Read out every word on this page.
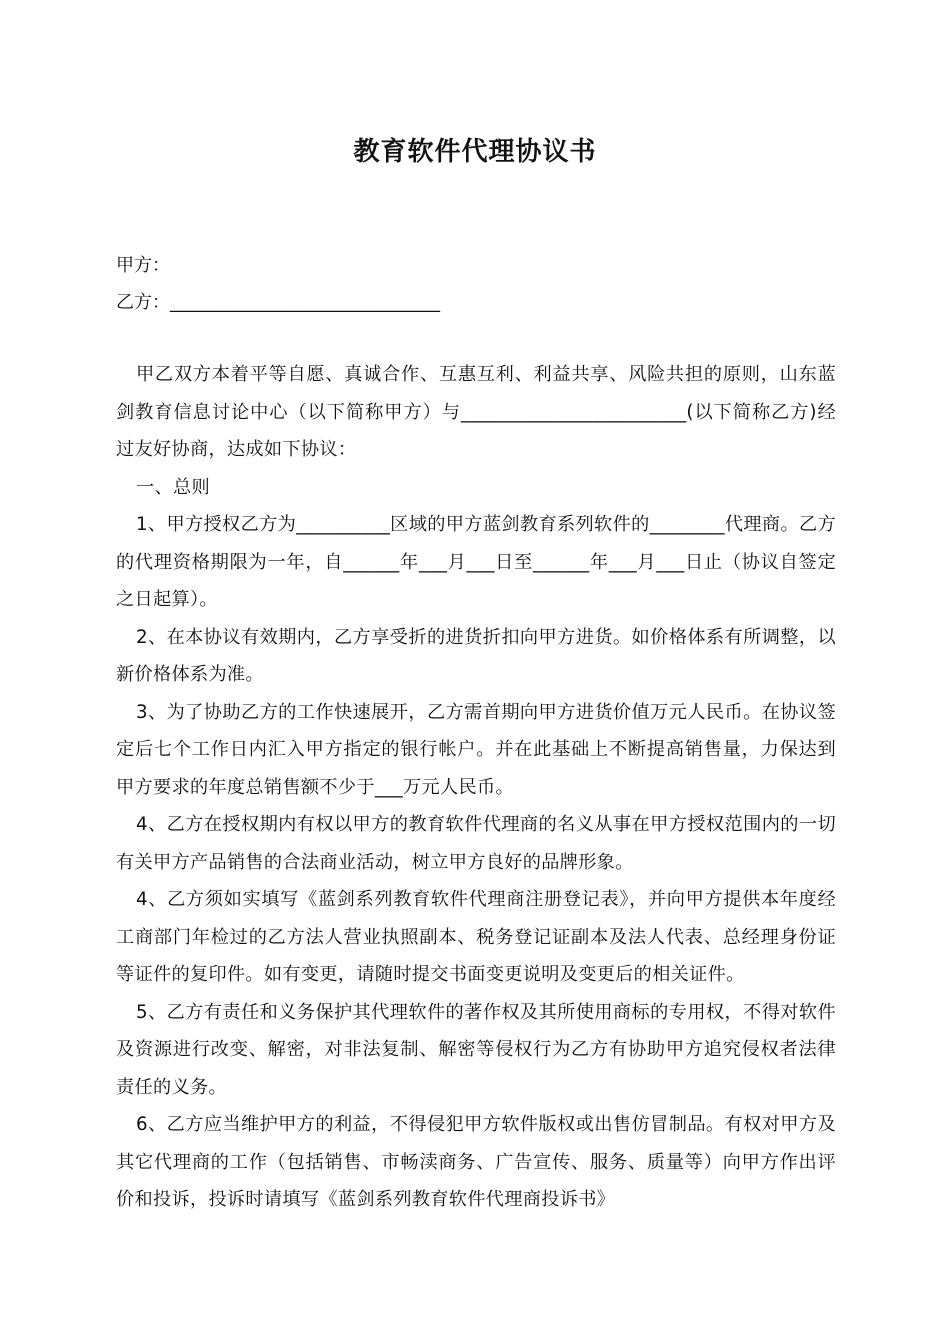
教育软件代理协议书
甲方：
乙方：______________________________

甲乙双方本着平等自愿、真诚合作、互惠互利、利益共享、风险共担的原则，山东蓝剑教育信息讨论中心（以下简称甲方）与________________________(以下简称乙方)经过友好协商，达成如下协议：

一、总则

1、甲方授权乙方为__________区域的甲方蓝剑教育系列软件的________代理商。乙方的代理资格期限为一年，自______年___月___日至______年___月___日止（协议自签定之日起算）。

2、在本协议有效期内，乙方享受折的进货折扣向甲方进货。如价格体系有所调整，以新价格体系为准。

3、为了协助乙方的工作快速展开，乙方需首期向甲方进货价值万元人民币。在协议签定后七个工作日内汇入甲方指定的银行帐户。并在此基础上不断提高销售量，力保达到甲方要求的年度总销售额不少于___万元人民币。

4、乙方在授权期内有权以甲方的教育软件代理商的名义从事在甲方授权范围内的一切有关甲方产品销售的合法商业活动，树立甲方良好的品牌形象。

4、乙方须如实填写《蓝剑系列教育软件代理商注册登记表》，并向甲方提供本年度经工商部门年检过的乙方法人营业执照副本、税务登记证副本及法人代表、总经理身份证等证件的复印件。如有变更，请随时提交书面变更说明及变更后的相关证件。

5、乙方有责任和义务保护其代理软件的著作权及其所使用商标的专用权，不得对软件及资源进行改变、解密，对非法复制、解密等侵权行为乙方有协助甲方追究侵权者法律责任的义务。

6、乙方应当维护甲方的利益，不得侵犯甲方软件版权或出售仿冒制品。有权对甲方及其它代理商的工作（包括销售、市畅渎商务、广告宣传、服务、质量等）向甲方作出评价和投诉，投诉时请填写《蓝剑系列教育软件代理商投诉书》
